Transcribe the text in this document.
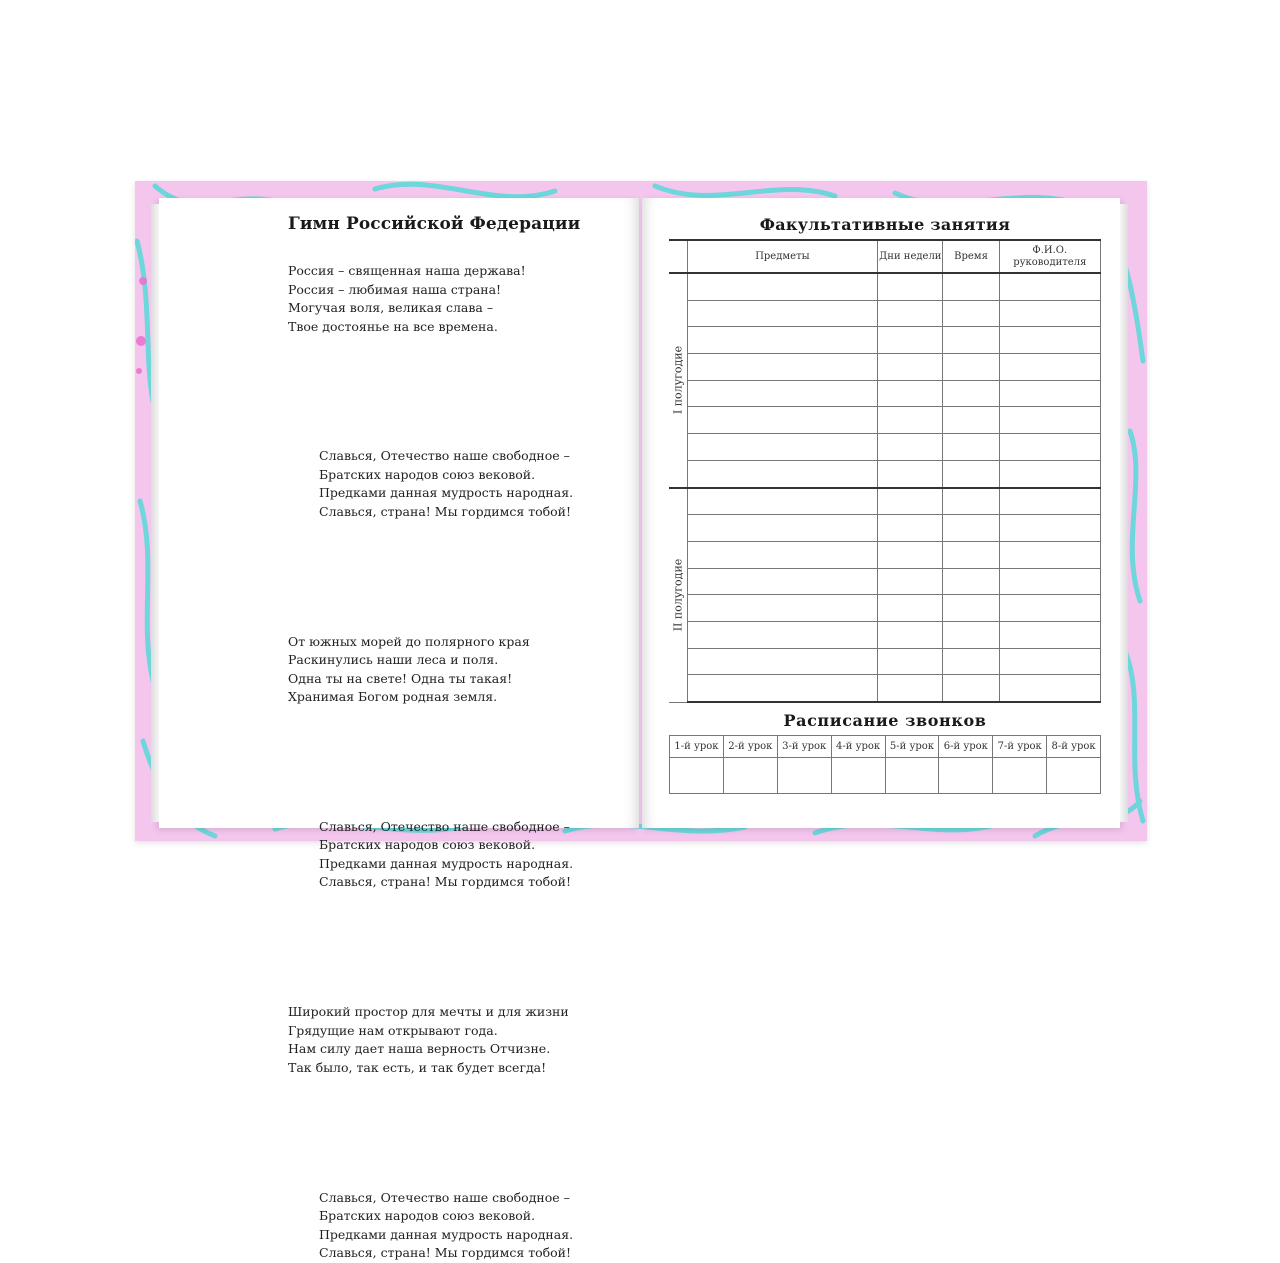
Гимн Российской Федерации
Россия – священная наша держава!
Россия – любимая наша страна!
Могучая воля, великая слава –
Твое достоянье на все времена.
Славься, Отечество наше свободное –
Братских народов союз вековой.
Предками данная мудрость народная.
Славься, страна! Мы гордимся тобой!
От южных морей до полярного края
Раскинулись наши леса и поля.
Одна ты на свете! Одна ты такая!
Хранимая Богом родная земля.
Славься, Отечество наше свободное –
Братских народов союз вековой.
Предками данная мудрость народная.
Славься, страна! Мы гордимся тобой!
Широкий простор для мечты и для жизни
Грядущие нам открывают года.
Нам силу дает наша верность Отчизне.
Так было, так есть, и так будет всегда!
Славься, Отечество наше свободное –
Братских народов союз вековой.
Предками данная мудрость народная.
Славься, страна! Мы гордимся тобой!
Факультативные занятия
	Предметы	Дни недели	Время	Ф.И.О.
руководителя

I полугодие				

II полугодие				

Расписание звонков
1-й урок	2-й урок	3-й урок	4-й урок	5-й урок	6-й урок	7-й урок	8-й урок
